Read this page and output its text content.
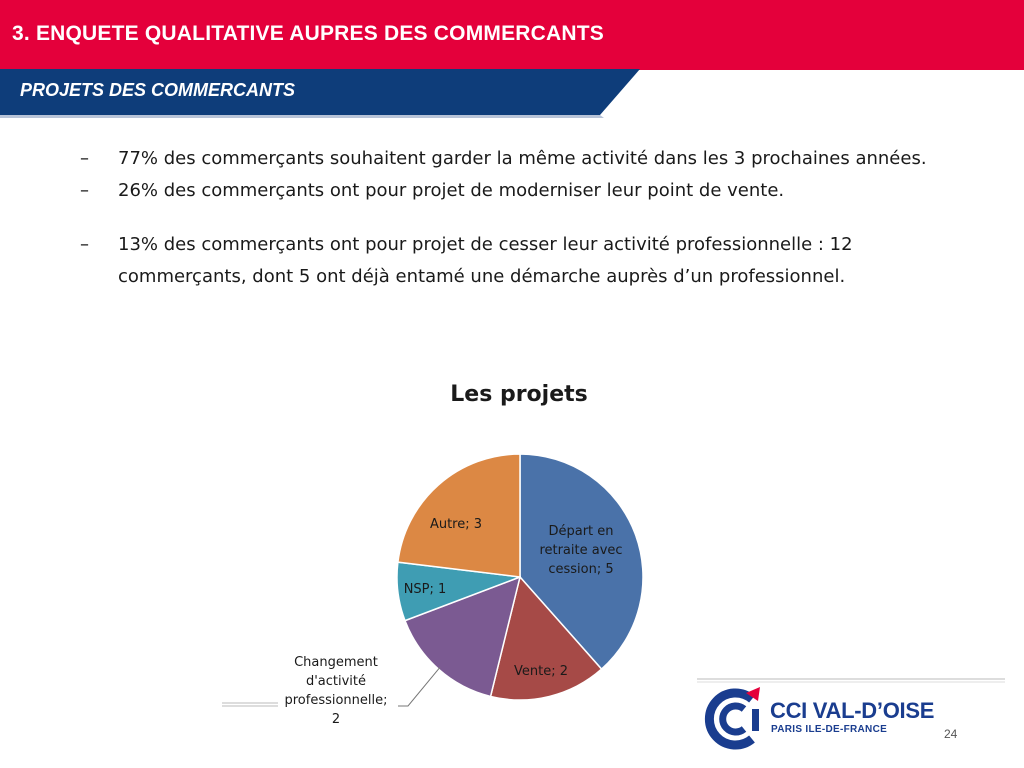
3. ENQUETE QUALITATIVE AUPRES DES COMMERCANTS
PROJETS DES COMMERCANTS
– 77% des commerçants souhaitent garder la même activité dans les 3 prochaines années.
– 26% des commerçants ont pour projet de moderniser leur point de vente.
– 13% des commerçants ont pour projet de cesser leur activité professionnelle : 12 commerçants, dont 5 ont déjà entamé une démarche auprès d’un professionnel.
Les projets
Départ en retraite avec cession; 5
Vente; 2
Changement d'activité professionnelle; 2
NSP; 1
Autre; 3
CCI VAL-D’OISE
PARIS ILE-DE-FRANCE	24
